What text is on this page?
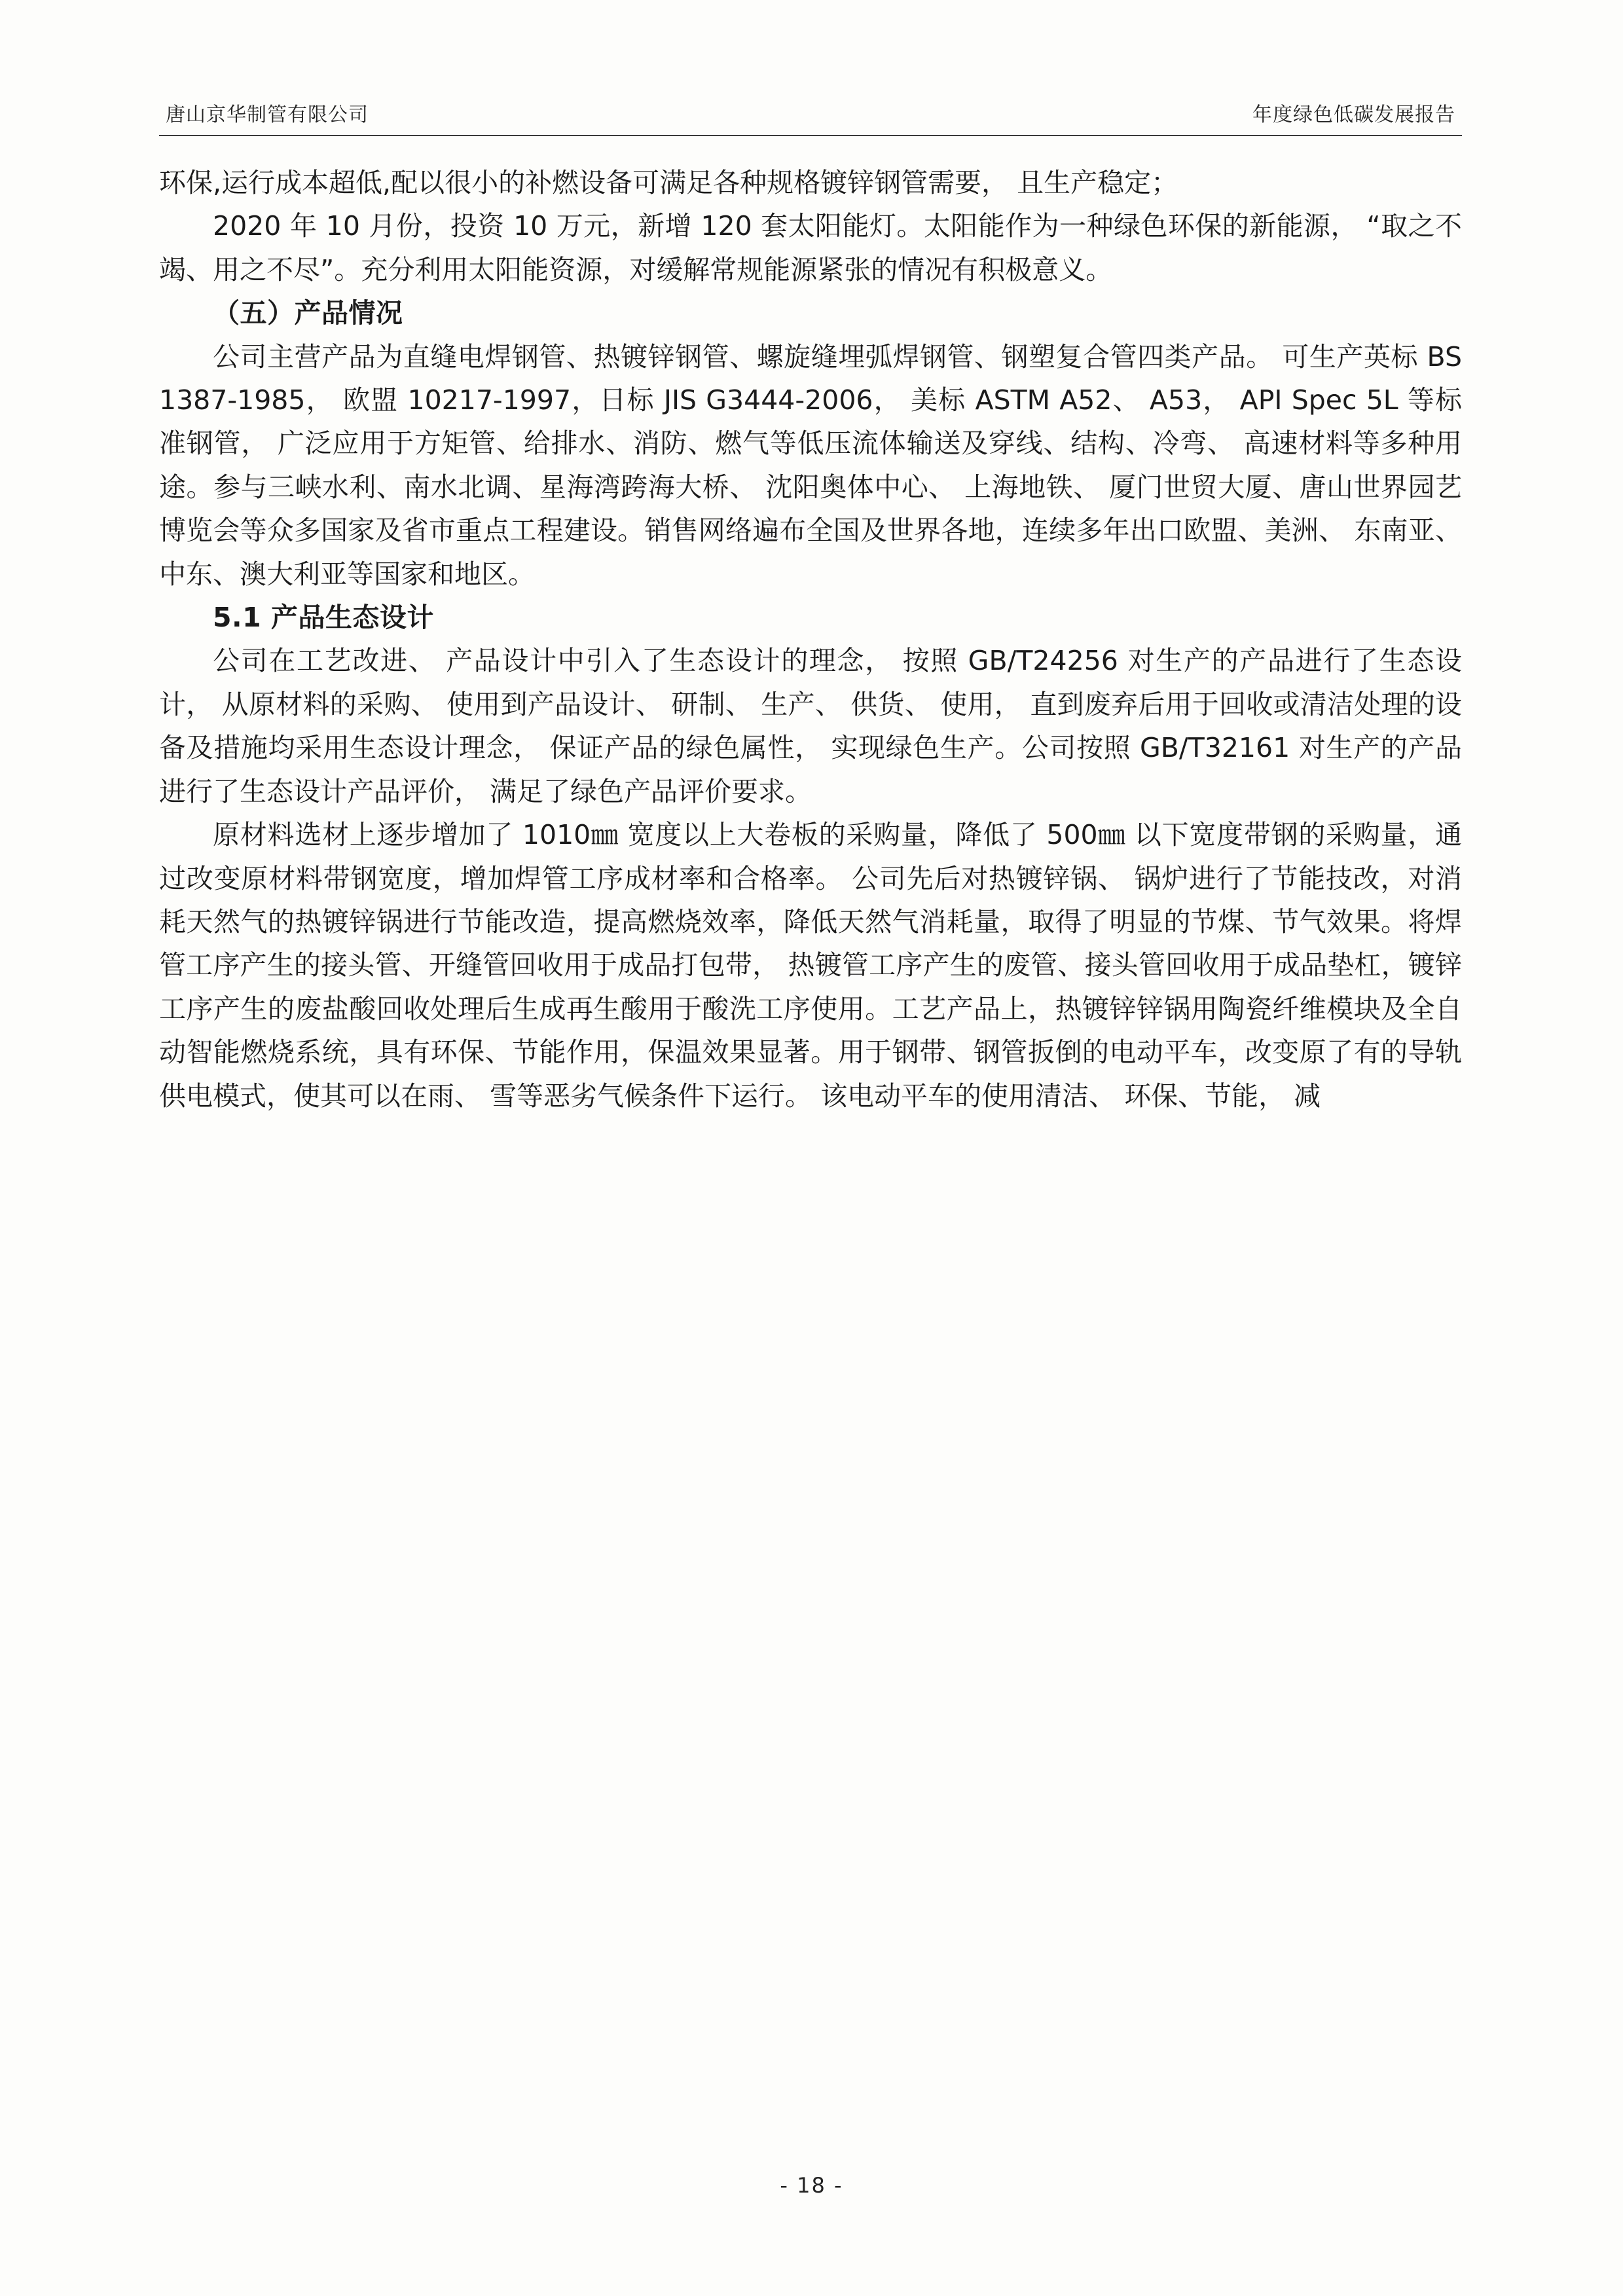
唐山京华制管有限公司	年度绿色低碳发展报告

环保,运行成本超低,配以很小的补燃设备可满足各种规格镀锌钢管需要， 且生产稳定；

2020 年 10 月份，投资 10 万元，新增 120 套太阳能灯。太阳能作为一种绿色环保的新能源， “取之不竭、用之不尽”。充分利用太阳能资源，对缓解常规能源紧张的情况有积极意义。

（五）产品情况

公司主营产品为直缝电焊钢管、热镀锌钢管、螺旋缝埋弧焊钢管、钢塑复合管四类产品。 可生产英标 BS 1387-1985， 欧盟 10217-1997，日标 JIS G3444-2006， 美标 ASTM A52、 A53， API Spec 5L 等标准钢管， 广泛应用于方矩管、给排水、消防、燃气等低压流体输送及穿线、结构、冷弯、 高速材料等多种用途。参与三峡水利、南水北调、星海湾跨海大桥、 沈阳奥体中心、 上海地铁、 厦门世贸大厦、唐山世界园艺博览会等众多国家及省市重点工程建设。销售网络遍布全国及世界各地，连续多年出口欧盟、美洲、 东南亚、中东、澳大利亚等国家和地区。

5.1 产品生态设计

公司在工艺改进、 产品设计中引入了生态设计的理念， 按照 GB/T24256 对生产的产品进行了生态设计， 从原材料的采购、 使用到产品设计、 研制、 生产、 供货、 使用， 直到废弃后用于回收或清洁处理的设备及措施均采用生态设计理念， 保证产品的绿色属性， 实现绿色生产。公司按照 GB/T32161 对生产的产品进行了生态设计产品评价， 满足了绿色产品评价要求。

原材料选材上逐步增加了 1010㎜ 宽度以上大卷板的采购量，降低了 500㎜ 以下宽度带钢的采购量，通过改变原材料带钢宽度，增加焊管工序成材率和合格率。 公司先后对热镀锌锅、 锅炉进行了节能技改，对消耗天然气的热镀锌锅进行节能改造，提高燃烧效率，降低天然气消耗量，取得了明显的节煤、节气效果。将焊管工序产生的接头管、开缝管回收用于成品打包带， 热镀管工序产生的废管、接头管回收用于成品垫杠，镀锌工序产生的废盐酸回收处理后生成再生酸用于酸洗工序使用。工艺产品上，热镀锌锌锅用陶瓷纤维模块及全自动智能燃烧系统，具有环保、节能作用，保温效果显著。用于钢带、钢管扳倒的电动平车，改变原了有的导轨供电模式，使其可以在雨、 雪等恶劣气候条件下运行。 该电动平车的使用清洁、 环保、节能， 减

- 18 -
